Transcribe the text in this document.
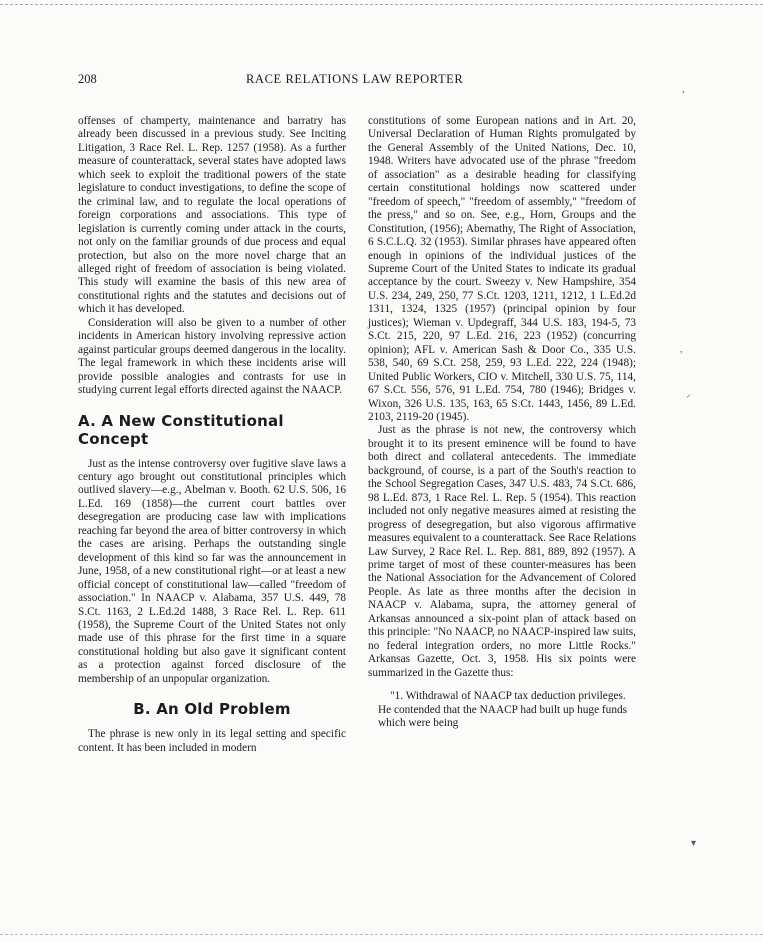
208	RACE RELATIONS LAW REPORTER

offenses of champerty, maintenance and barratry has already been discussed in a previous study. See Inciting Litigation, 3 Race Rel. L. Rep. 1257 (1958). As a further measure of counterattack, several states have adopted laws which seek to exploit the traditional powers of the state legislature to conduct investigations, to define the scope of the criminal law, and to regulate the local operations of foreign corporations and associations. This type of legislation is currently coming under attack in the courts, not only on the familiar grounds of due process and equal protection, but also on the more novel charge that an alleged right of freedom of association is being violated. This study will examine the basis of this new area of constitutional rights and the statutes and decisions out of which it has developed.

Consideration will also be given to a number of other incidents in American history involving repressive action against particular groups deemed dangerous in the locality. The legal framework in which these incidents arise will provide possible analogies and contrasts for use in studying current legal efforts directed against the NAACP.

A. A New Constitutional Concept

Just as the intense controversy over fugitive slave laws a century ago brought out constitutional principles which outlived slavery—e.g., Abelman v. Booth. 62 U.S. 506, 16 L.Ed. 169 (1858)—the current court battles over desegregation are producing case law with implications reaching far beyond the area of bitter controversy in which the cases are arising. Perhaps the outstanding single development of this kind so far was the announcement in June, 1958, of a new constitutional right—or at least a new official concept of constitutional law—called "freedom of association." In NAACP v. Alabama, 357 U.S. 449, 78 S.Ct. 1163, 2 L.Ed.2d 1488, 3 Race Rel. L. Rep. 611 (1958), the Supreme Court of the United States not only made use of this phrase for the first time in a square constitutional holding but also gave it significant content as a protection against forced disclosure of the membership of an unpopular organization.

B. An Old Problem

The phrase is new only in its legal setting and specific content. It has been included in modern

constitutions of some European nations and in Art. 20, Universal Declaration of Human Rights promulgated by the General Assembly of the United Nations, Dec. 10, 1948. Writers have advocated use of the phrase "freedom of association" as a desirable heading for classifying certain constitutional holdings now scattered under "freedom of speech," "freedom of assembly," "freedom of the press," and so on. See, e.g., Horn, Groups and the Constitution, (1956); Abernathy, The Right of Association, 6 S.C.L.Q. 32 (1953). Similar phrases have appeared often enough in opinions of the individual justices of the Supreme Court of the United States to indicate its gradual acceptance by the court. Sweezy v. New Hampshire, 354 U.S. 234, 249, 250, 77 S.Ct. 1203, 1211, 1212, 1 L.Ed.2d 1311, 1324, 1325 (1957) (principal opinion by four justices); Wieman v. Updegraff, 344 U.S. 183, 194-5, 73 S.Ct. 215, 220, 97 L.Ed. 216, 223 (1952) (concurring opinion); AFL v. American Sash & Door Co., 335 U.S. 538, 540, 69 S.Ct. 258, 259, 93 L.Ed. 222, 224 (1948); United Public Workers, CIO v. Mitchell, 330 U.S. 75, 114, 67 S.Ct. 556, 576, 91 L.Ed. 754, 780 (1946); Bridges v. Wixon, 326 U.S. 135, 163, 65 S.Ct. 1443, 1456, 89 L.Ed. 2103, 2119-20 (1945).

Just as the phrase is not new, the controversy which brought it to its present eminence will be found to have both direct and collateral antecedents. The immediate background, of course, is a part of the South's reaction to the School Segregation Cases, 347 U.S. 483, 74 S.Ct. 686, 98 L.Ed. 873, 1 Race Rel. L. Rep. 5 (1954). This reaction included not only negative measures aimed at resisting the progress of desegregation, but also vigorous affirmative measures equivalent to a counterattack. See Race Relations Law Survey, 2 Race Rel. L. Rep. 881, 889, 892 (1957). A prime target of most of these counter-measures has been the National Association for the Advancement of Colored People. As late as three months after the decision in NAACP v. Alabama, supra, the attorney general of Arkansas announced a six-point plan of attack based on this principle: "No NAACP, no NAACP-inspired law suits, no federal integration orders, no more Little Rocks." Arkansas Gazette, Oct. 3, 1958. His six points were summarized in the Gazette thus:

"1. Withdrawal of NAACP tax deduction privileges. He contended that the NAACP had built up huge funds which were being

,
,
⸝
▾
